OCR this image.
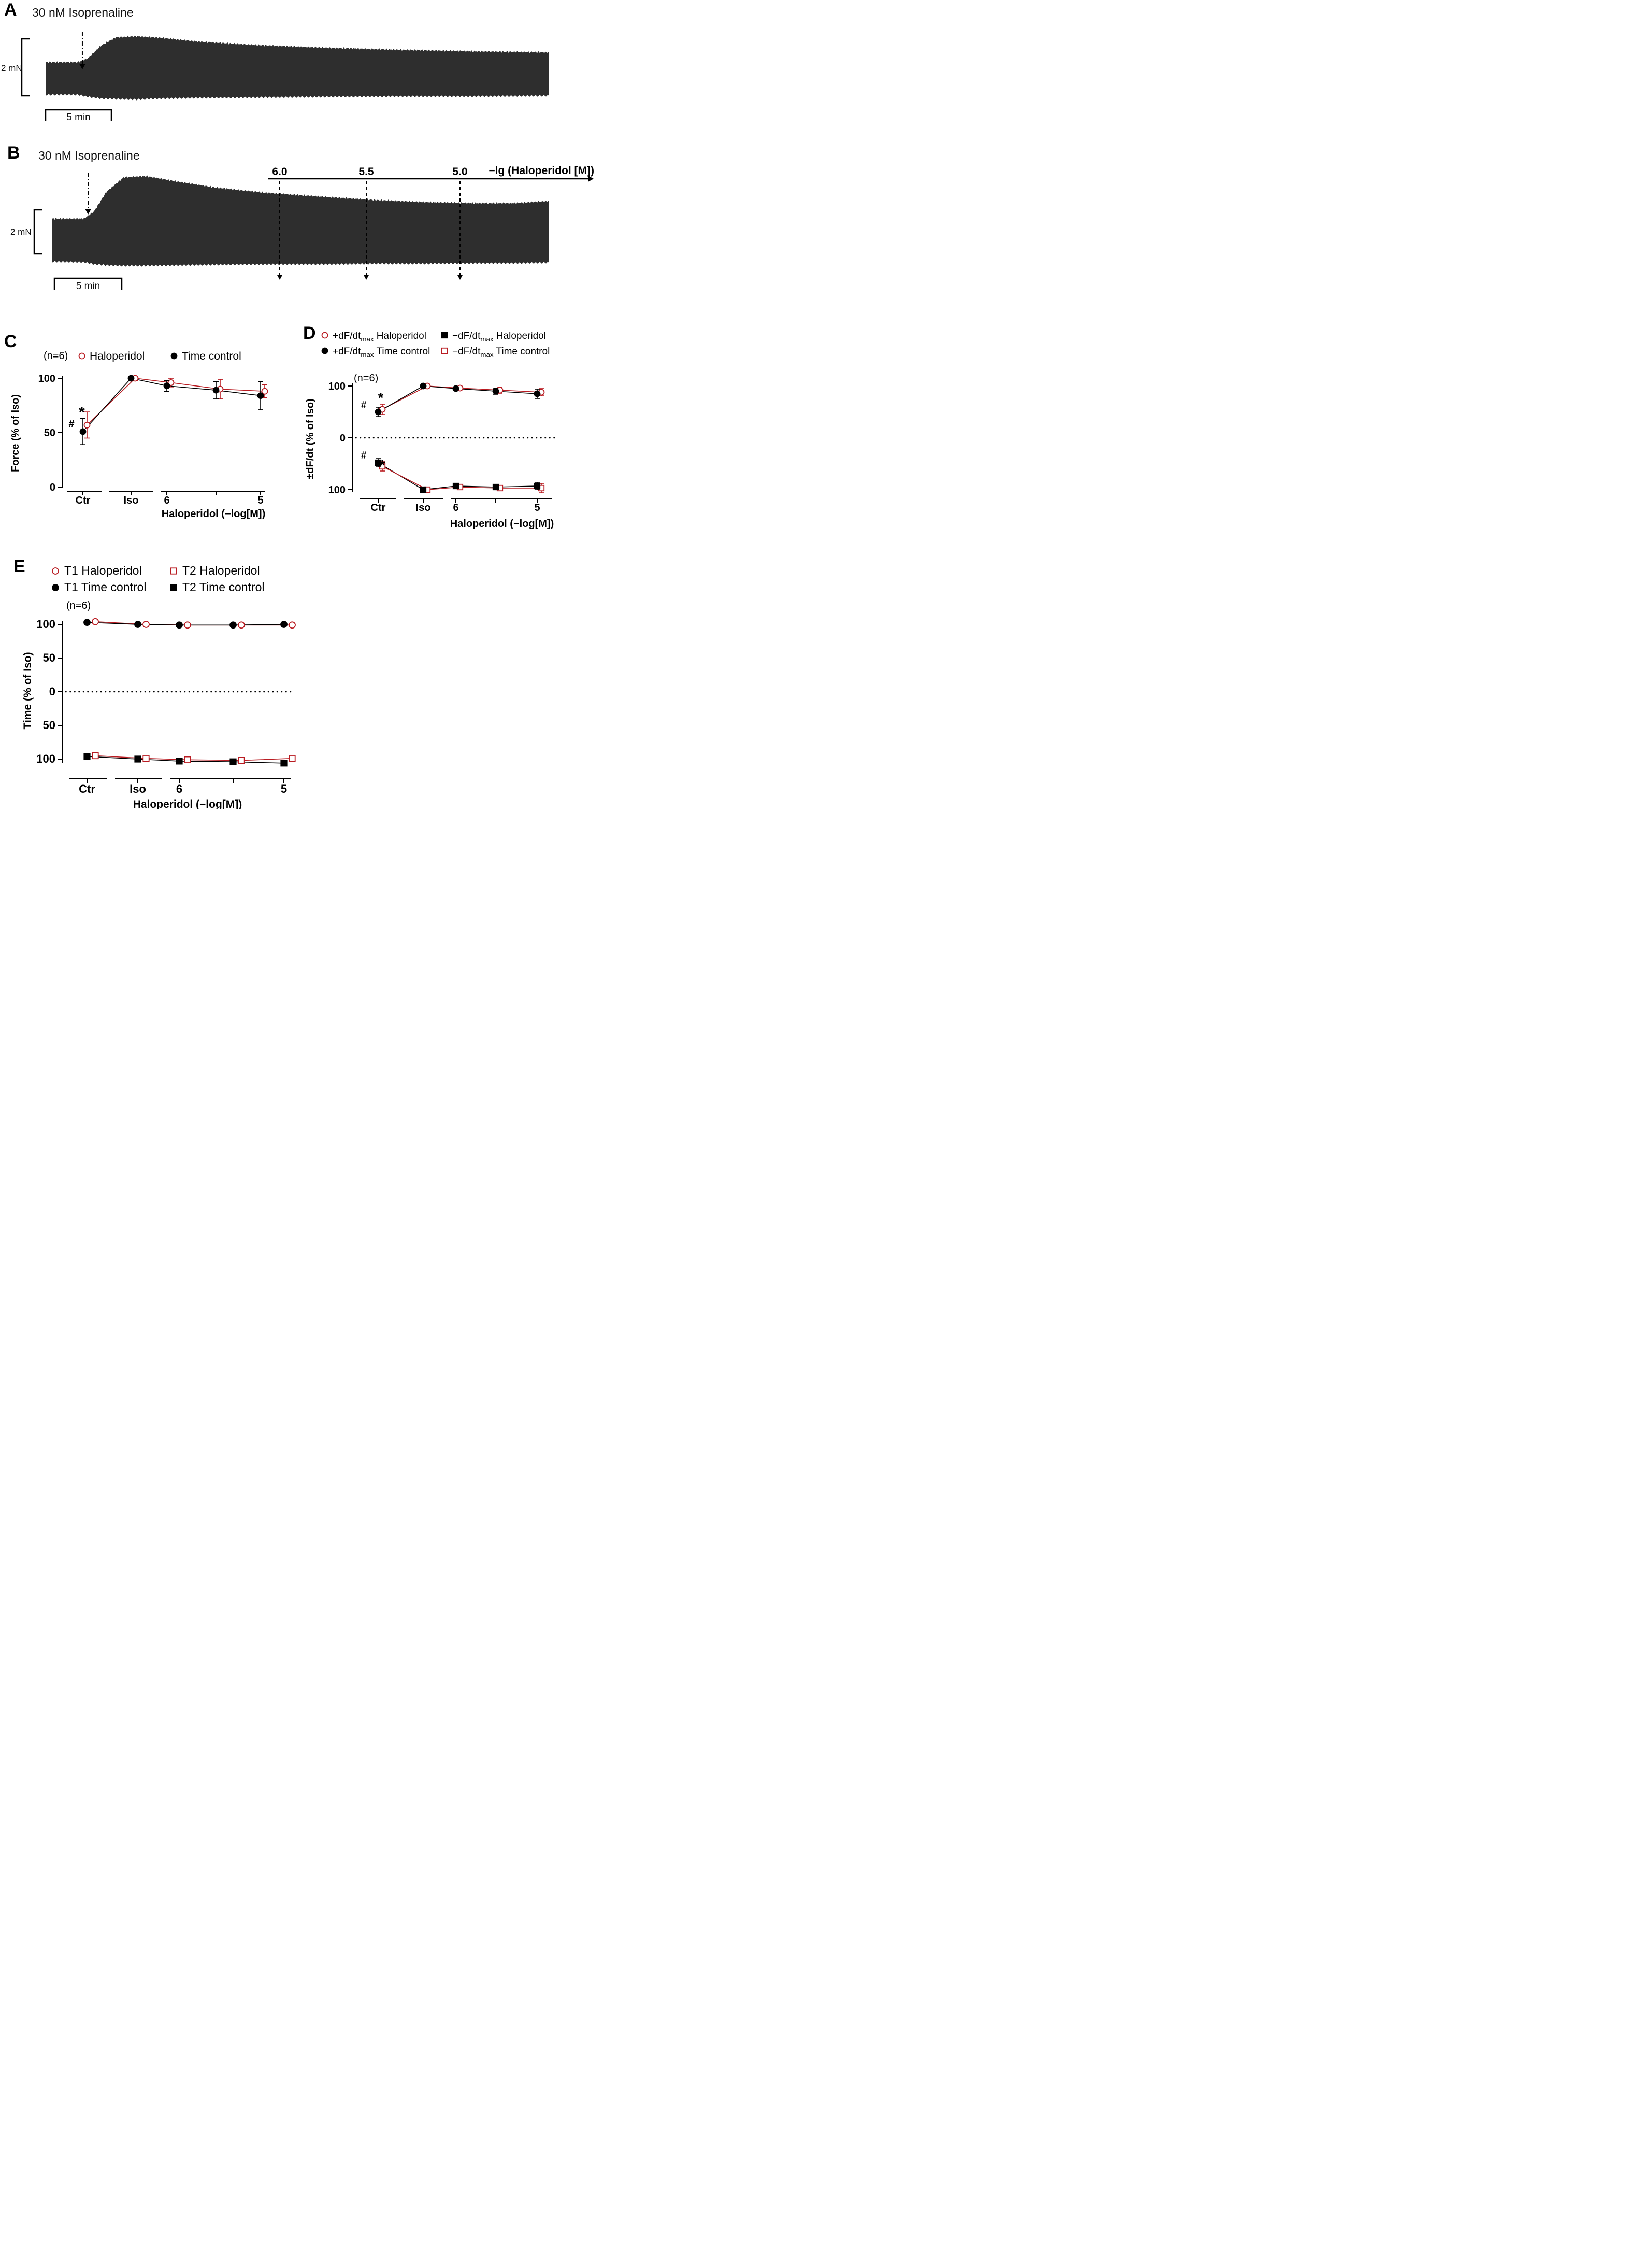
A 30 nM Isoprenaline
2 mN
5 min
B 30 nM Isoprenaline
6.0	5.5	5.0	−lg (Haloperidol [M])
2 mN
5 min
C
100
50
0
Ctr	Iso 6	5
Haloperidol	Time control
(n=6)
Force (% of Iso)
Haloperidol (−log[M])
#
*
D
100
0
100
Ctr	Iso 6	5
$+dF/dt_{max}$ Haloperidol	$-dF/dt_{max}$ Haloperidol
$+dF/dt_{max}$ Time control $-dF/dt_{max}$ Time control
(n=6)
±dF/dt (% of Iso)
Haloperidol (−log[M])
# *
#
*
E
100
50
0
50
100
Ctr	Iso	6	5
T1 Haloperidol	T2 Haloperidol
T1 Time control	T2 Time control
(n=6)
Time (% of Iso)
Haloperidol (−log[M])
